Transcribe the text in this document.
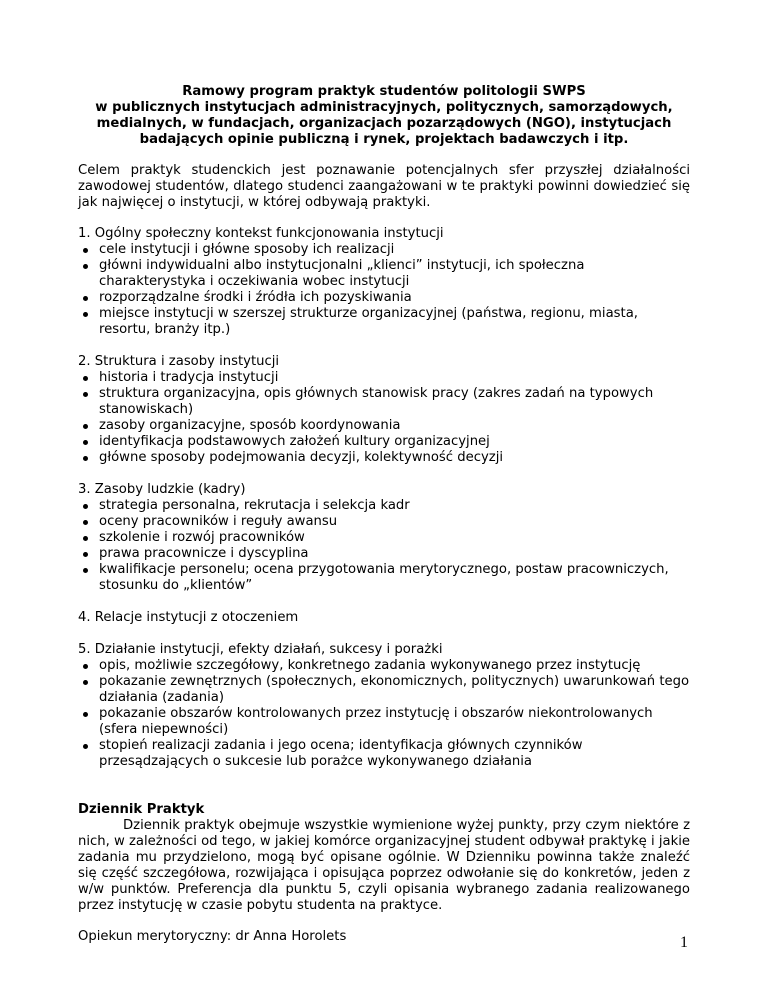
Ramowy program praktyk studentów politologii SWPS
w publicznych instytucjach administracyjnych, politycznych, samorządowych,
medialnych, w fundacjach, organizacjach pozarządowych (NGO), instytucjach
badających opinie publiczną i rynek, projektach badawczych i itp.

Celem praktyk studenckich jest poznawanie potencjalnych sfer przyszłej działalności zawodowej studentów, dlatego studenci zaangażowani w te praktyki powinni dowiedzieć się jak najwięcej o instytucji, w której odbywają praktyki.

1. Ogólny społeczny kontekst funkcjonowania instytucji

cele instytucji i główne sposoby ich realizacji
główni indywidualni albo instytucjonalni „klienci” instytucji, ich społeczna charakterystyka i oczekiwania wobec instytucji
rozporządzalne środki i źródła ich pozyskiwania
miejsce instytucji w szerszej strukturze organizacyjnej (państwa, regionu, miasta, resortu, branży itp.)

2. Struktura i zasoby instytucji

historia i tradycja instytucji
struktura organizacyjna, opis głównych stanowisk pracy (zakres zadań na typowych stanowiskach)
zasoby organizacyjne, sposób koordynowania
identyfikacja podstawowych założeń kultury organizacyjnej
główne sposoby podejmowania decyzji, kolektywność decyzji

3. Zasoby ludzkie (kadry)

strategia personalna, rekrutacja i selekcja kadr
oceny pracowników i reguły awansu
szkolenie i rozwój pracowników
prawa pracownicze i dyscyplina
kwalifikacje personelu; ocena przygotowania merytorycznego, postaw pracowniczych, stosunku do „klientów”

4. Relacje instytucji z otoczeniem

5. Działanie instytucji, efekty działań, sukcesy i porażki

opis, możliwie szczegółowy, konkretnego zadania wykonywanego przez instytucję
pokazanie zewnętrznych (społecznych, ekonomicznych, politycznych) uwarunkowań tego działania (zadania)
pokazanie obszarów kontrolowanych przez instytucję i obszarów niekontrolowanych (sfera niepewności)
stopień realizacji zadania i jego ocena; identyfikacja głównych czynników przesądzających o sukcesie lub porażce wykonywanego działania

Dziennik Praktyk

Dziennik praktyk obejmuje wszystkie wymienione wyżej punkty, przy czym niektóre z nich, w zależności od tego, w jakiej komórce organizacyjnej student odbywał praktykę i jakie zadania mu przydzielono, mogą być opisane ogólnie. W Dzienniku powinna także znaleźć się część szczegółowa, rozwijająca i opisująca poprzez odwołanie się do konkretów, jeden z w/w punktów. Preferencja dla punktu 5, czyli opisania wybranego zadania realizowanego przez instytucję w czasie pobytu studenta na praktyce.

Opiekun merytoryczny: dr Anna Horolets	1
